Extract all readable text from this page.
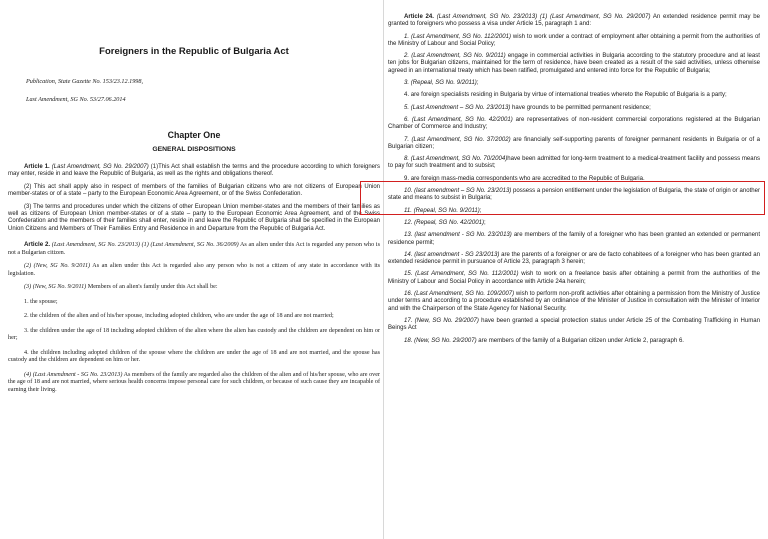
Foreigners in the Republic of Bulgaria Act

Publication, State Gazette No. 153/23.12.1998,

Last Amendment, SG No. 53/27.06.2014

Chapter One

GENERAL DISPOSITIONS

Article 1. (Last Amendment, SG No. 29/2007) (1)This Act shall establish the terms and the procedure according to which foreigners may enter, reside in and leave the Republic of Bulgaria, as well as the rights and obligations thereof.

(2) This act shall apply also in respect of members of the families of Bulgarian citizens who are not citizens of European Union member-states or of a state – party to the European Economic Area Agreement, or of the Swiss Confederation.

(3) The terms and procedures under which the citizens of other European Union member-states and the members of their families as well as citizens of European Union member-states or of a state – party to the European Economic Area Agreement, and of the Swiss Confederation and the members of their families shall enter, reside in and leave the Republic of Bulgaria shall be specified in the European Union Citizens and Members of Their Families Entry and Residence in and Departure from the Republic of Bulgaria Act.

Article 2. (Last Amendment, SG No. 23/2013) (1) (Last Amendment, SG No. 36/2009) As an alien under this Act is regarded any person who is not a Bulgarian citizen.

(2) (New, SG No. 9/2011) As an alien under this Act is regarded also any person who is not a citizen of any state in accordance with its legislation.

(3) (New, SG No. 9/2011) Members of an alien's family under this Act shall be:

1. the spouse;

2. the children of the alien and of his/her spouse, including adopted children, who are under the age of 18 and are not married;

3. the children under the age of 18 including adopted children of the alien where the alien has custody and the children are dependent on him or her;

4. the children including adopted children of the spouse where the children are under the age of 18 and are not married, and the spouse has custody and the children are dependent on him or her.

(4) (Last Amendment - SG No. 23/2013) As members of the family are regarded also the children of the alien and of his/her spouse, who are over the age of 18 and are not married, where serious health concerns impose personal care for such children, or because of such cause they are incapable of earning their living.

Article 24. (Last Amendment, SG No. 23/2013) (1) (Last Amendment, SG No. 29/2007) An extended residence permit may be granted to foreigners who possess a visa under Article 15, paragraph 1 and:

1. (Last Amendment, SG No. 112/2001) wish to work under a contract of employment after obtaining a permit from the authorities of the Ministry of Labour and Social Policy;

2. (Last Amendment, SG No. 9/2011) engage in commercial activities in Bulgaria according to the statutory procedure and at least ten jobs for Bulgarian citizens, maintained for the term of residence, have been created as a result of the said activities, unless otherwise agreed in an international treaty which has been ratified, promulgated and entered into force for the Republic of Bulgaria;

3. (Repeal, SG No. 9/2011);

4. are foreign specialists residing in Bulgaria by virtue of international treaties whereto the Republic of Bulgaria is a party;

5. (Last Amendment – SG No. 23/2013) have grounds to be permitted permanent residence;

6. (Last Amendment, SG No. 42/2001) are representatives of non-resident commercial corporations registered at the Bulgarian Chamber of Commerce and Industry;

7. (Last Amendment, SG No. 37/2002) are financially self-supporting parents of foreigner permanent residents in Bulgaria or of a Bulgarian citizen;

8. (Last Amendment, SG No. 70/2004)have been admitted for long-term treatment to a medical-treatment facility and possess means to pay for such treatment and to subsist;

9. are foreign mass-media correspondents who are accredited to the Republic of Bulgaria.

10. (last amendment – SG No. 23/2013) possess a pension entitlement under the legislation of Bulgaria, the state of origin or another state and means to subsist in Bulgaria;

11. (Repeal, SG No. 9/2011);

12. (Repeal, SG No. 42/2001);

13. (last amendment - SG No. 23/2013) are members of the family of a foreigner who has been granted an extended or permanent residence permit;

14. (last amendment - SG 23/2013) are the parents of a foreigner or are de facto cohabitees of a foreigner who has been granted an extended residence permit in pursuance of Article 23, paragraph 3 herein;

15. (Last Amendment, SG No. 112/2001) wish to work on a freelance basis after obtaining a permit from the authorities of the Ministry of Labour and Social Policy in accordance with Article 24a herein;

16. (Last Amendment, SG No. 109/2007) wish to perform non-profit activities after obtaining a permission from the Ministry of Justice under terms and according to a procedure established by an ordinance of the Minister of Justice in consultation with the Minister of Interior and with the Chairperson of the State Agency for National Security.

17. (New, SG No. 29/2007) have been granted a special protection status under Article 25 of the Combating Trafficking in Human Beings Act

18. (New, SG No. 29/2007) are members of the family of a Bulgarian citizen under Article 2, paragraph 6.
